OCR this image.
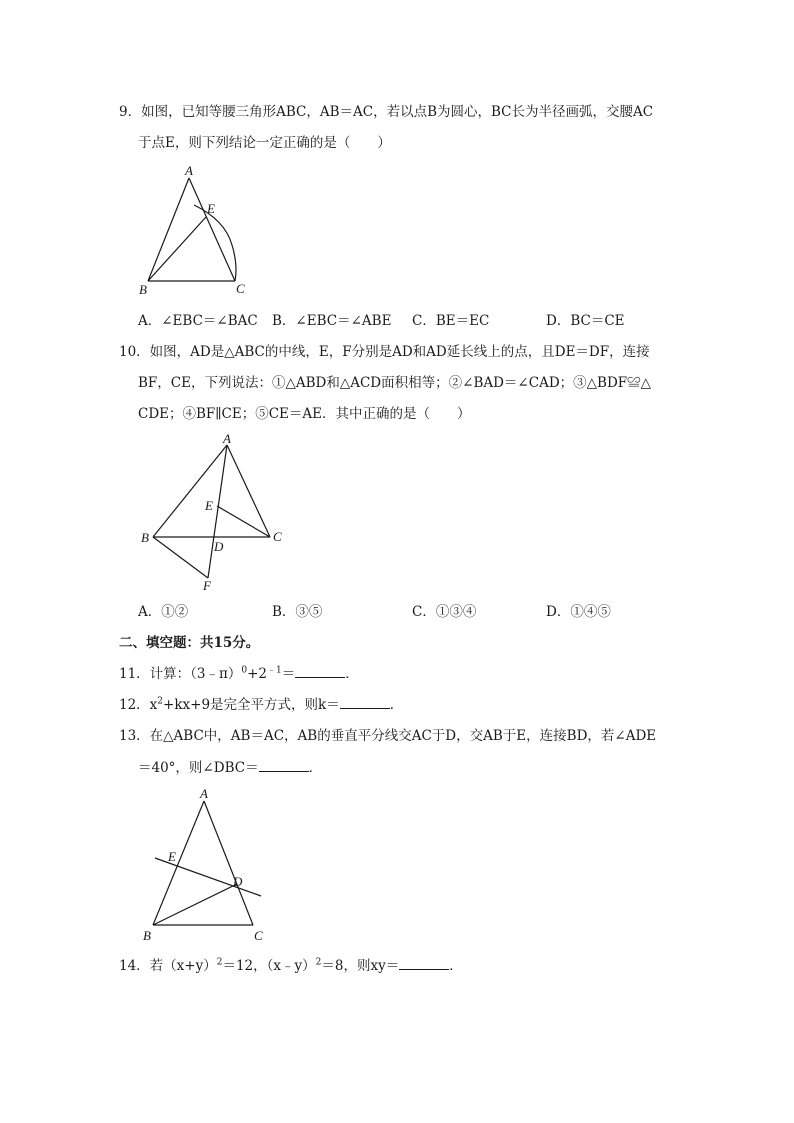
9．如图，已知等腰三角形ABC，AB＝AC，若以点B为圆心，BC长为半径画弧，交腰AC
于点E，则下列结论一定正确的是（　　）
A
E
B	C
A．∠EBC＝∠BAC B．∠EBC＝∠ABE C．BE＝EC	D．BC＝CE
10．如图，AD是△ABC的中线，E，F分别是AD和AD延长线上的点，且DE＝DF，连接
BF，CE，下列说法：①△ABD和△ACD面积相等；②∠BAD＝∠CAD；③△BDF≌△
CDE；④BF∥CE；⑤CE＝AE．其中正确的是（　　）
A
E
B	C
D
F
A．①②	B．③⑤	C．①③④	D．①④⑤
二、填空题：共15分。
11．计算：$(3﹣\pi)^0+2^{﹣1}=$	．
12．$x^2+kx+9$是完全平方式，则k＝	．
13．在△ABC中，AB＝AC，AB的垂直平分线交AC于D，交AB于E，连接BD，若∠ADE
＝40°，则∠DBC＝	．
A
E
D
B	C
14．若$(x+y)^2=12$，（x﹣y）$^2$＝8，则xy＝	．
